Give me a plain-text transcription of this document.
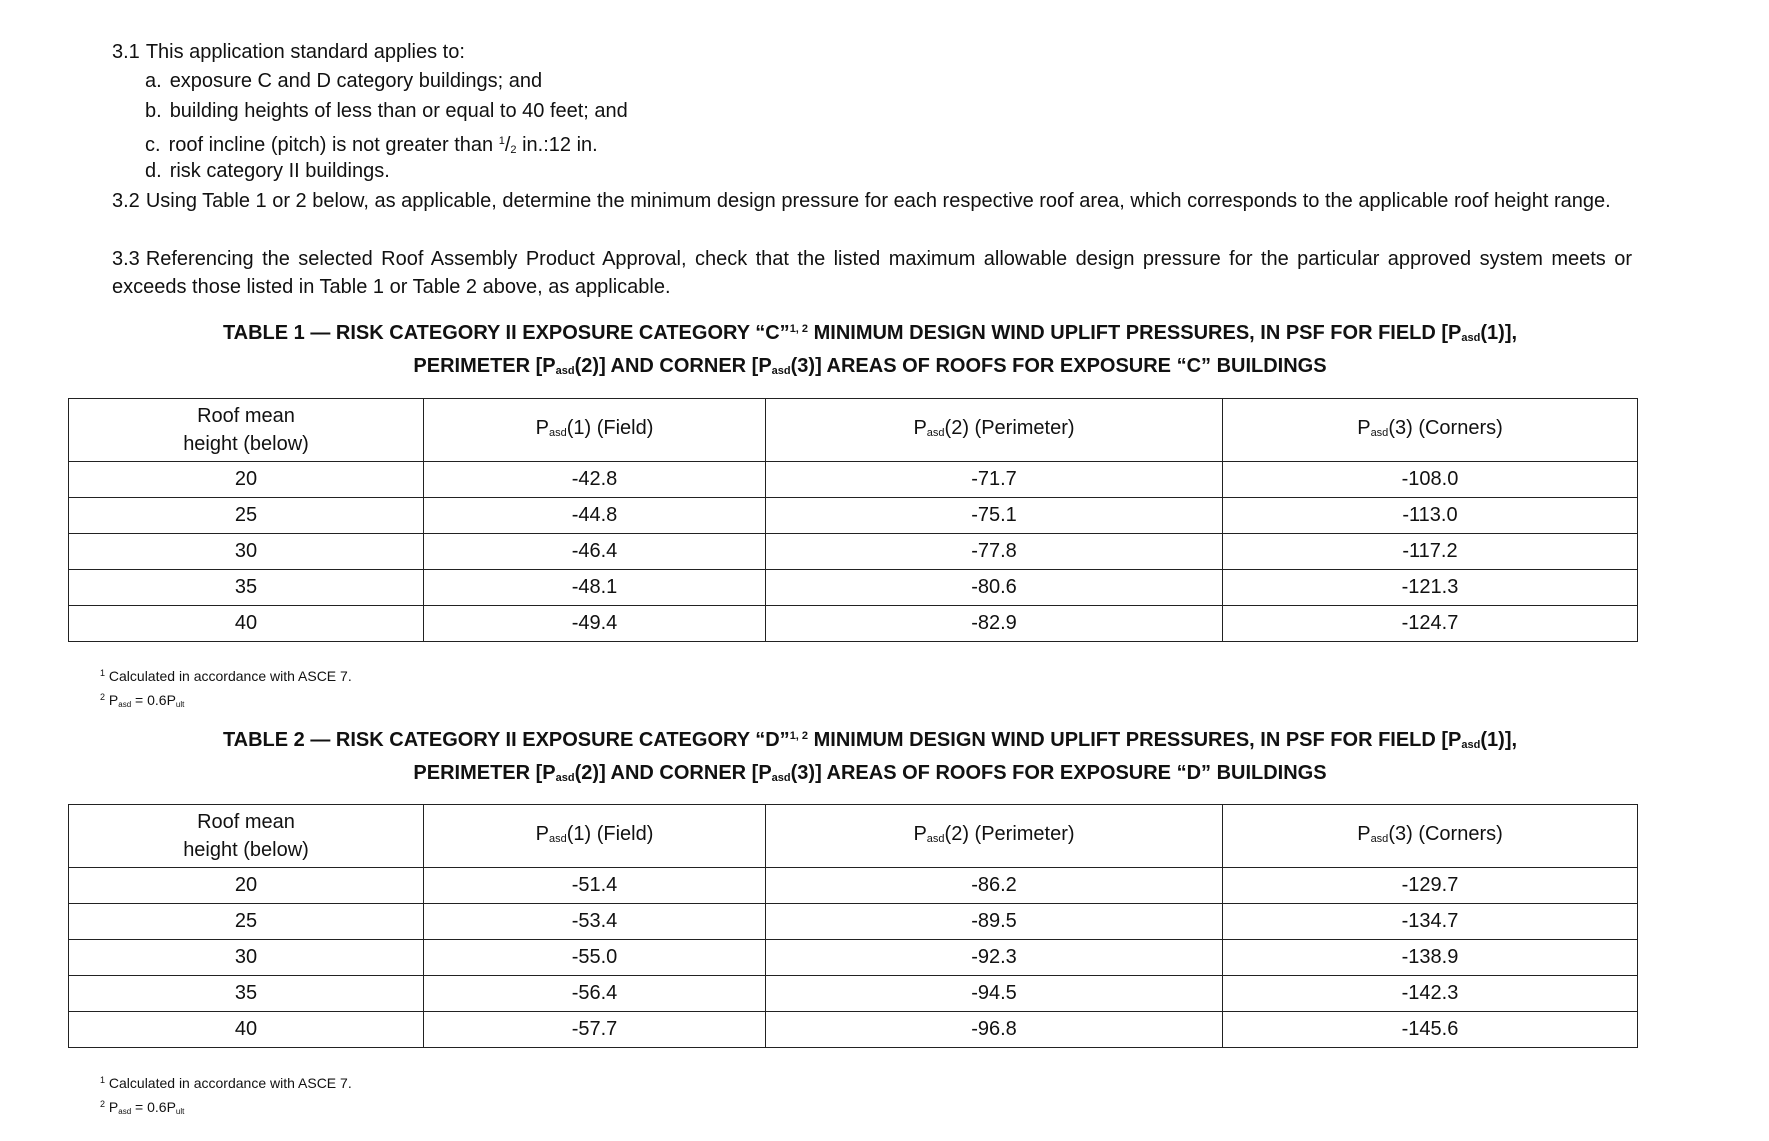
3.1 This application standard applies to:
a. exposure C and D category buildings; and
b. building heights of less than or equal to 40 feet; and
c. roof incline (pitch) is not greater than $^1/_2$ in.:12 in.
d. risk category II buildings.
3.2 Using Table 1 or 2 below, as applicable, determine the minimum design pressure for each respective roof area, which corresponds to the applicable roof height range.
3.3 Referencing the selected Roof Assembly Product Approval, check that the listed maximum allowable design pressure for the particular approved system meets or exceeds those listed in Table 1 or Table 2 above, as applicable.
TABLE 1 — RISK CATEGORY II EXPOSURE CATEGORY “C”$^{1, 2}$ MINIMUM DESIGN WIND UPLIFT PRESSURES, IN PSF FOR FIELD $[P_{asd}(1)]$,
PERIMETER $[P_{asd}(2)]$ AND CORNER $[P_{asd}(3)]$ AREAS OF ROOFS FOR EXPOSURE “C” BUILDINGS
Roof mean
height (below)	$P_{asd}(1)$ (Field)	$P_{asd}(2)$ (Perimeter)	$P_{asd}(3)$ (Corners)
20	-42.8	-71.7	-108.0
25	-44.8	-75.1	-113.0
30	-46.4	-77.8	-117.2
35	-48.1	-80.6	-121.3
40	-49.4	-82.9	-124.7
$^1$ Calculated in accordance with ASCE 7.
$^2$ $P_{asd} = 0.6P_{ult}$
TABLE 2 — RISK CATEGORY II EXPOSURE CATEGORY “D”$^{1, 2}$ MINIMUM DESIGN WIND UPLIFT PRESSURES, IN PSF FOR FIELD $[P_{asd}(1)]$,
PERIMETER $[P_{asd}(2)]$ AND CORNER $[P_{asd}(3)]$ AREAS OF ROOFS FOR EXPOSURE “D” BUILDINGS
Roof mean
height (below)	$P_{asd}(1)$ (Field)	$P_{asd}(2)$ (Perimeter)	$P_{asd}(3)$ (Corners)
20	-51.4	-86.2	-129.7
25	-53.4	-89.5	-134.7
30	-55.0	-92.3	-138.9
35	-56.4	-94.5	-142.3
40	-57.7	-96.8	-145.6
$^1$ Calculated in accordance with ASCE 7.
$^2$ $P_{asd} = 0.6P_{ult}$
